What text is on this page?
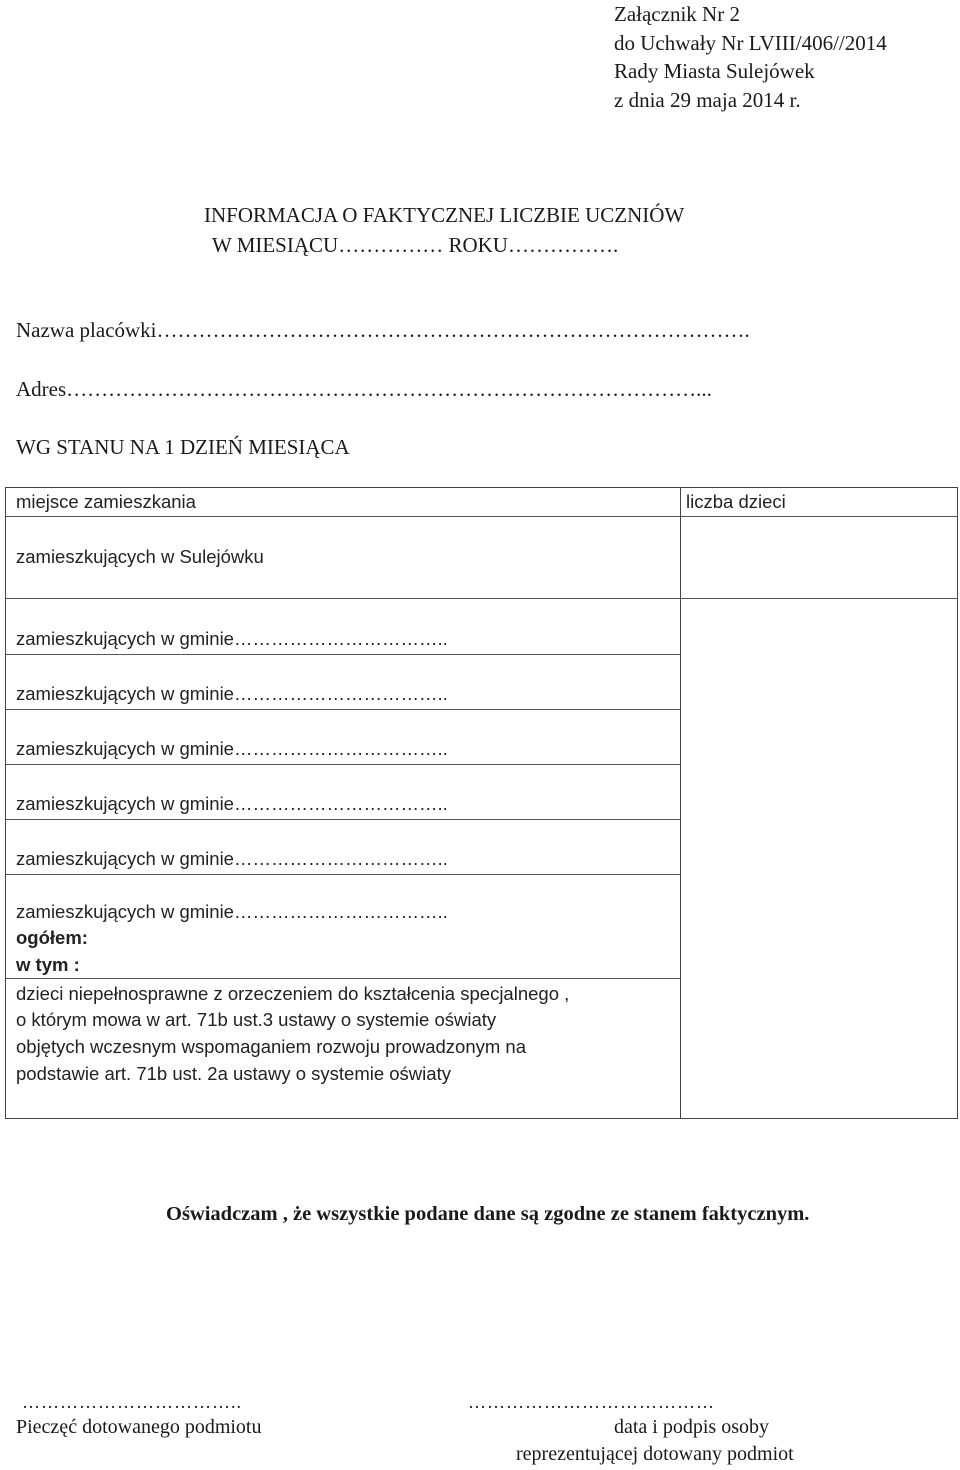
Załącznik Nr 2
do Uchwały Nr LVIII/406//2014
Rady Miasta Sulejówek
z dnia 29 maja 2014 r.
INFORMACJA O FAKTYCZNEJ LICZBIE UCZNIÓW
W MIESIĄCU…………… ROKU…………….
Nazwa placówki………………………………………………………………………….
Adres………………………………………………………………………………...
WG STANU NA 1 DZIEŃ MIESIĄCA
miejsce zamieszkania	liczba dzieci
zamieszkujących w Sulejówku
zamieszkujących w gminie……………………………..
zamieszkujących w gminie……………………………..
zamieszkujących w gminie……………………………..
zamieszkujących w gminie……………………………..
zamieszkujących w gminie……………………………..
zamieszkujących w gminie……………………………..
ogółem:
w tym :
dzieci niepełnosprawne z orzeczeniem do kształcenia specjalnego ,
o którym mowa w art. 71b ust.3 ustawy o systemie oświaty
objętych wczesnym wspomaganiem rozwoju prowadzonym na
podstawie art. 71b ust. 2a ustawy o systemie oświaty
Oświadczam , że wszystkie podane dane są zgodne ze stanem faktycznym.
……………………………..
Pieczęć dotowanego podmiotu
…………………………………
data i podpis osoby
reprezentującej dotowany podmiot
